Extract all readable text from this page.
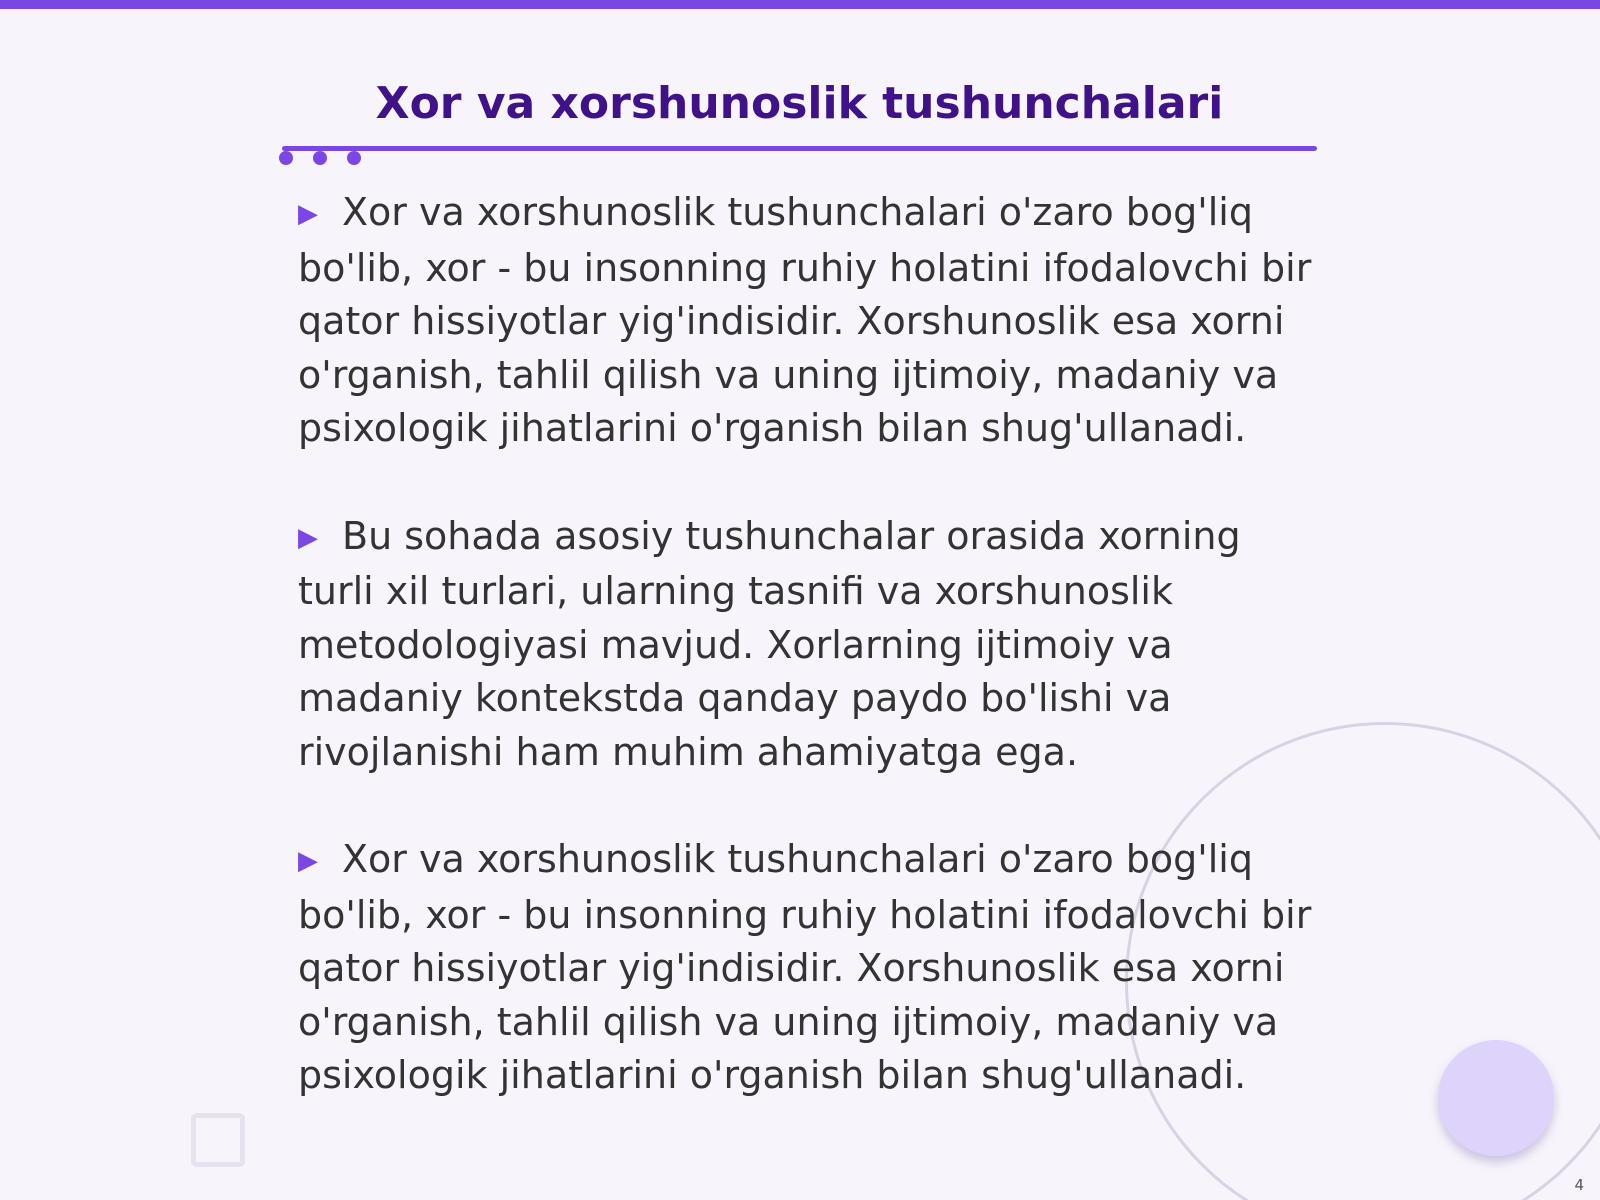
Xor va xorshunoslik tushunchalari

▶ Xor va xorshunoslik tushunchalari o'zaro bog'liq bo'lib, xor - bu insonning ruhiy holatini ifodalovchi bir qator hissiyotlar yig'indisidir. Xorshunoslik esa xorni o'rganish, tahlil qilish va uning ijtimoiy, madaniy va psixologik jihatlarini o'rganish bilan shug'ullanadi.

▶ Bu sohada asosiy tushunchalar orasida xorning turli xil turlari, ularning tasnifi va xorshunoslik metodologiyasi mavjud. Xorlarning ijtimoiy va madaniy kontekstda qanday paydo bo'lishi va rivojlanishi ham muhim ahamiyatga ega.

▶ Xor va xorshunoslik tushunchalari o'zaro bog'liq bo'lib, xor - bu insonning ruhiy holatini ifodalovchi bir qator hissiyotlar yig'indisidir. Xorshunoslik esa xorni o'rganish, tahlil qilish va uning ijtimoiy, madaniy va psixologik jihatlarini o'rganish bilan shug'ullanadi.

4
